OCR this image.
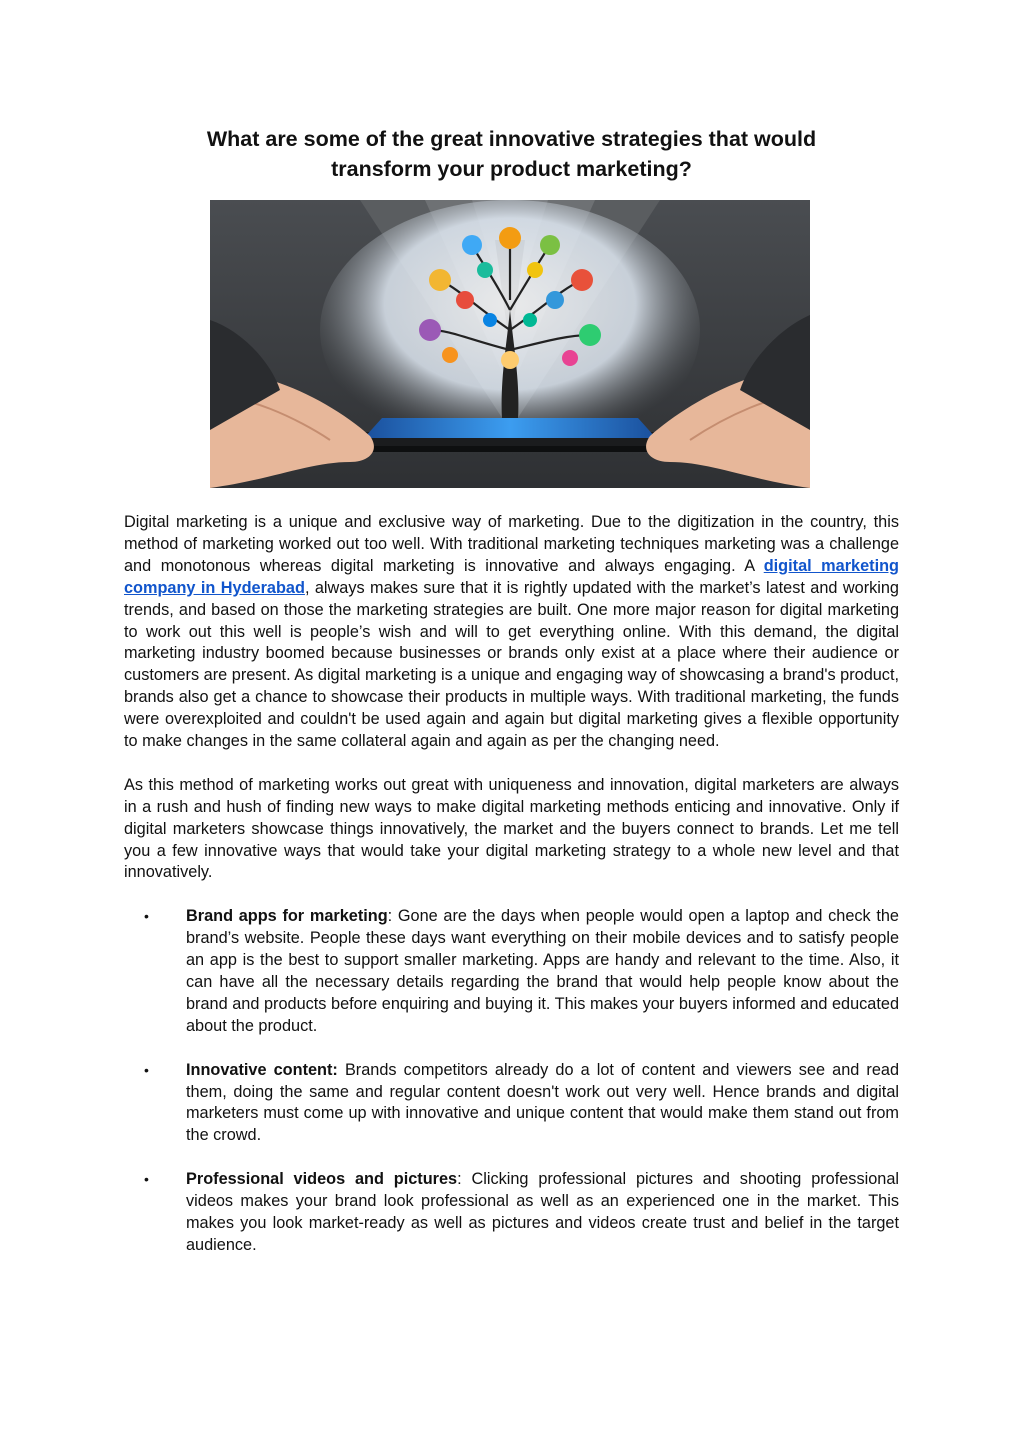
What are some of the great innovative strategies that would
transform your product marketing?

Digital marketing is a unique and exclusive way of marketing. Due to the digitization in the country, this method of marketing worked out too well. With traditional marketing techniques marketing was a challenge and monotonous whereas digital marketing is innovative and always engaging. A digital marketing company in Hyderabad, always makes sure that it is rightly updated with the market’s latest and working trends, and based on those the marketing strategies are built. One more major reason for digital marketing to work out this well is people’s wish and will to get everything online. With this demand, the digital marketing industry boomed because businesses or brands only exist at a place where their audience or customers are present. As digital marketing is a unique and engaging way of showcasing a brand's product, brands also get a chance to showcase their products in multiple ways. With traditional marketing, the funds were overexploited and couldn't be used again and again but digital marketing gives a flexible opportunity to make changes in the same collateral again and again as per the changing need.

As this method of marketing works out great with uniqueness and innovation, digital marketers are always in a rush and hush of finding new ways to make digital marketing methods enticing and innovative. Only if digital marketers showcase things innovatively, the market and the buyers connect to brands. Let me tell you a few innovative ways that would take your digital marketing strategy to a whole new level and that innovatively.

• Brand apps for marketing: Gone are the days when people would open a laptop and check the brand’s website. People these days want everything on their mobile devices and to satisfy people an app is the best to support smaller marketing. Apps are handy and relevant to the time. Also, it can have all the necessary details regarding the brand that would help people know about the brand and products before enquiring and buying it. This makes your buyers informed and educated about the product.
• Innovative content: Brands competitors already do a lot of content and viewers see and read them, doing the same and regular content doesn't work out very well. Hence brands and digital marketers must come up with innovative and unique content that would make them stand out from the crowd.
• Professional videos and pictures: Clicking professional pictures and shooting professional videos makes your brand look professional as well as an experienced one in the market. This makes you look market-ready as well as pictures and videos create trust and belief in the target audience.
